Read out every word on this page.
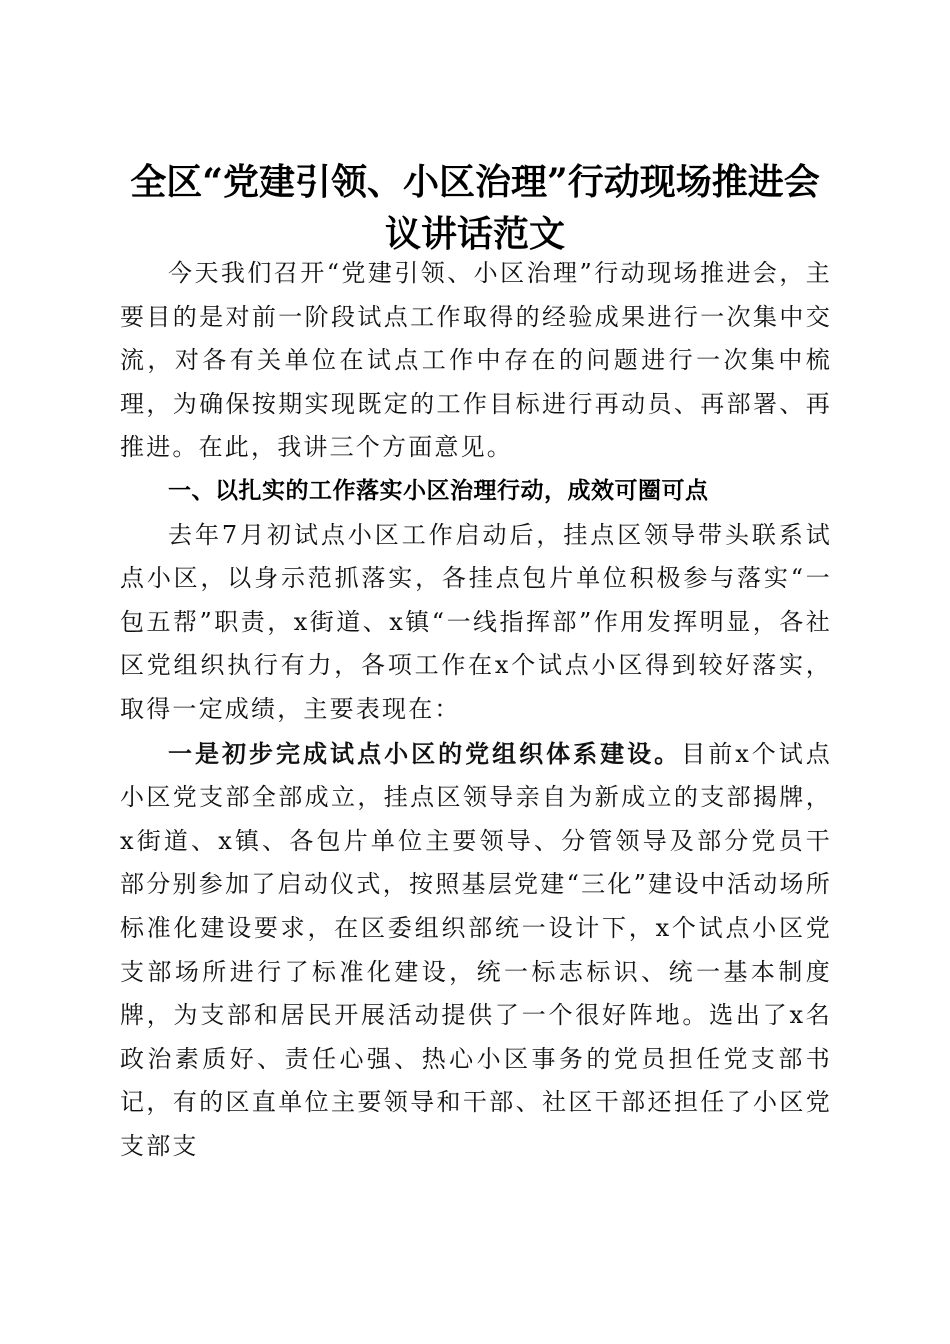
全区“党建引领、小区治理”行动现场推进会
议讲话范文

今天我们召开“党建引领、小区治理”行动现场推进会，主要目的是对前一阶段试点工作取得的经验成果进行一次集中交流，对各有关单位在试点工作中存在的问题进行一次集中梳理，为确保按期实现既定的工作目标进行再动员、再部署、再推进。在此，我讲三个方面意见。

一、以扎实的工作落实小区治理行动，成效可圈可点

去年7月初试点小区工作启动后，挂点区领导带头联系试点小区，以身示范抓落实，各挂点包片单位积极参与落实“一包五帮”职责，x街道、x镇“一线指挥部”作用发挥明显，各社区党组织执行有力，各项工作在x个试点小区得到较好落实，取得一定成绩，主要表现在：

一是初步完成试点小区的党组织体系建设。目前x个试点小区党支部全部成立，挂点区领导亲自为新成立的支部揭牌，x街道、x镇、各包片单位主要领导、分管领导及部分党员干部分别参加了启动仪式，按照基层党建“三化”建设中活动场所标准化建设要求，在区委组织部统一设计下，x个试点小区党支部场所进行了标准化建设，统一标志标识、统一基本制度牌，为支部和居民开展活动提供了一个很好阵地。选出了x名政治素质好、责任心强、热心小区事务的党员担任党支部书记，有的区直单位主要领导和干部、社区干部还担任了小区党支部支
